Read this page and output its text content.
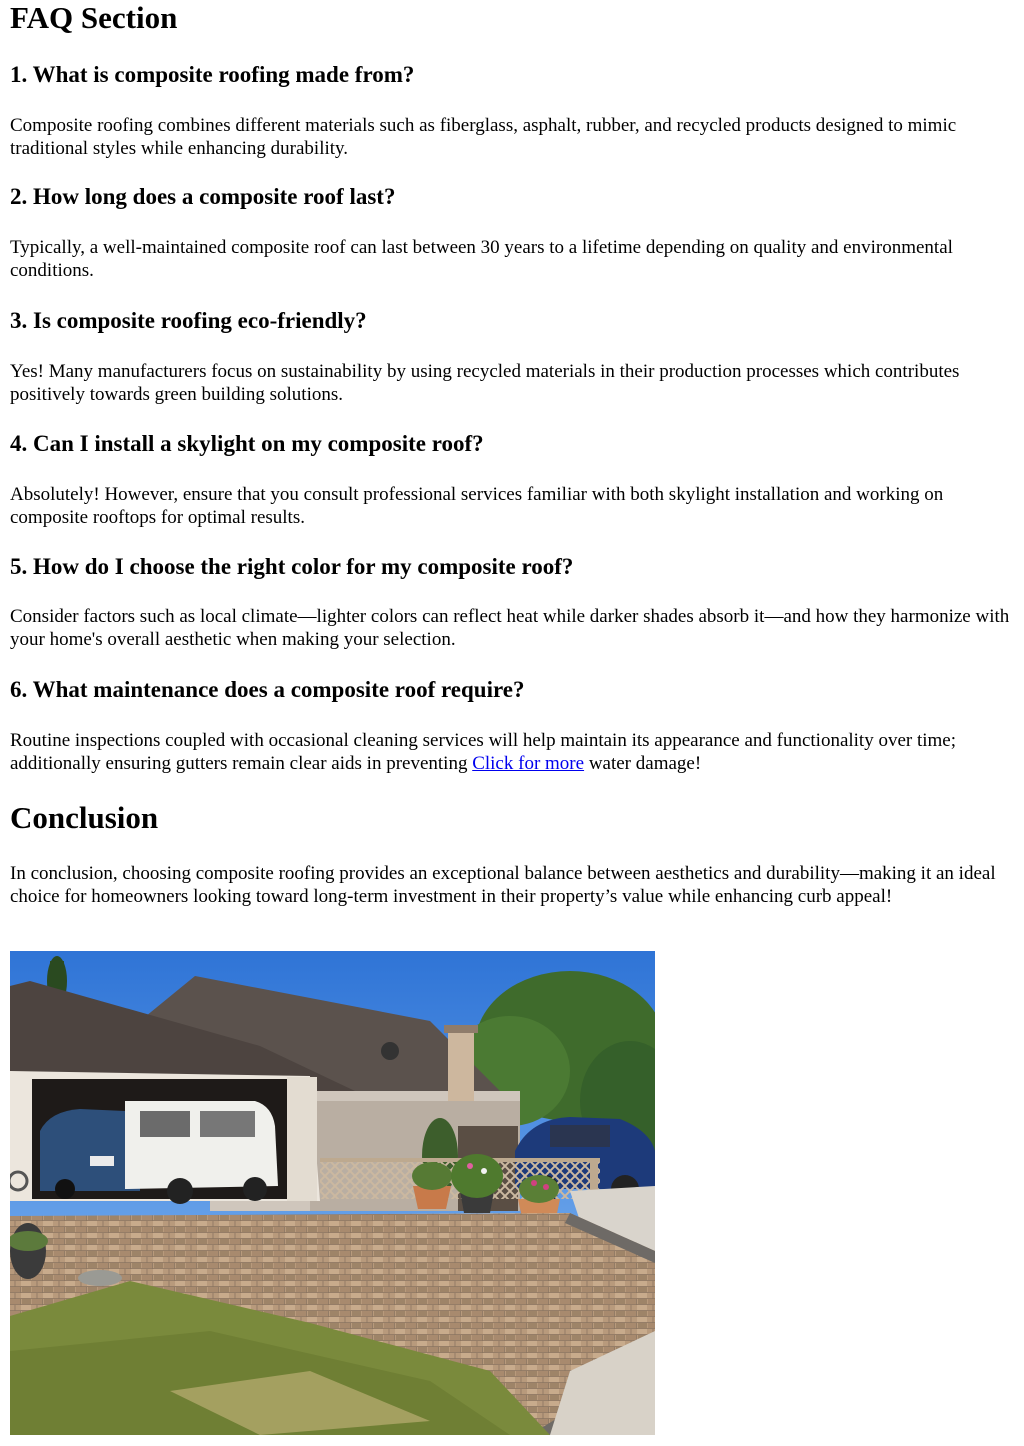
FAQ Section
1. What is composite roofing made from?

Composite roofing combines different materials such as fiberglass, asphalt, rubber, and recycled products designed to mimic traditional styles while enhancing durability.

2. How long does a composite roof last?

Typically, a well-maintained composite roof can last between 30 years to a lifetime depending on quality and environmental conditions.

3. Is composite roofing eco-friendly?

Yes! Many manufacturers focus on sustainability by using recycled materials in their production processes which contributes positively towards green building solutions.

4. Can I install a skylight on my composite roof?

Absolutely! However, ensure that you consult professional services familiar with both skylight installation and working on composite rooftops for optimal results.

5. How do I choose the right color for my composite roof?

Consider factors such as local climate—lighter colors can reflect heat while darker shades absorb it—and how they harmonize with your home's overall aesthetic when making your selection.

6. What maintenance does a composite roof require?

Routine inspections coupled with occasional cleaning services will help maintain its appearance and functionality over time; additionally ensuring gutters remain clear aids in preventing Click for more water damage!

Conclusion

In conclusion, choosing composite roofing provides an exceptional balance between aesthetics and durability—making it an ideal choice for homeowners looking toward long-term investment in their property’s value while enhancing curb appeal!
